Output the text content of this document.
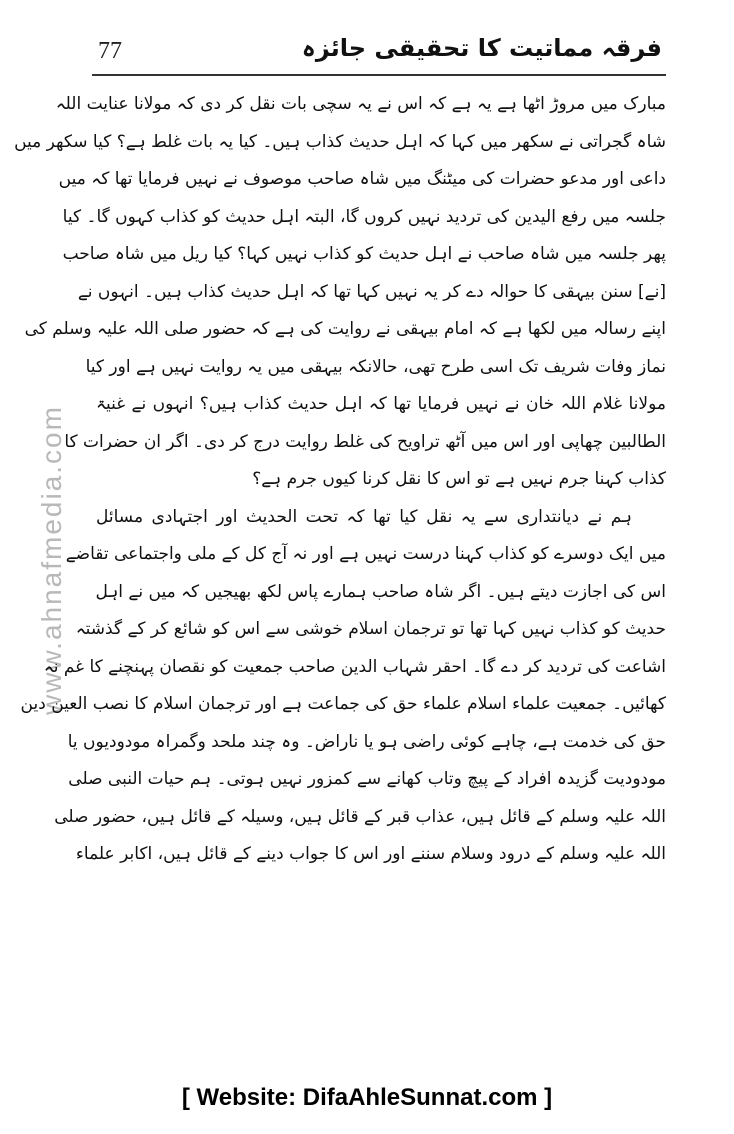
77	فرقہ مماتیت کا تحقیقی جائزہ
www.ahnafmedia.com
مبارک میں مروڑ اٹھا ہے یہ ہے کہ اس نے یہ سچی بات نقل کر دی کہ مولانا عنایت اللہ
شاہ گجراتی نے سکھر میں کہا کہ اہل حدیث کذاب ہیں۔ کیا یہ بات غلط ہے؟ کیا سکھر میں
داعی اور مدعو حضرات کی میٹنگ میں شاہ صاحب موصوف نے نہیں فرمایا تھا کہ میں
جلسہ میں رفع الیدین کی تردید نہیں کروں گا، البتہ اہل حدیث کو کذاب کہوں گا۔ کیا
پھر جلسہ میں شاہ صاحب نے اہل حدیث کو کذاب نہیں کہا؟ کیا ریل میں شاہ صاحب
[نے] سنن بیہقی کا حوالہ دے کر یہ نہیں کہا تھا کہ اہل حدیث کذاب ہیں۔ انہوں نے
اپنے رسالہ میں لکھا ہے کہ امام بیہقی نے روایت کی ہے کہ حضور صلی اللہ علیہ وسلم کی
نماز وفات شریف تک اسی طرح تھی، حالانکہ بیہقی میں یہ روایت نہیں ہے اور کیا
مولانا غلام اللہ خان نے نہیں فرمایا تھا کہ اہل حدیث کذاب ہیں؟ انہوں نے غنیۃ
الطالبین چھاپی اور اس میں آٹھ تراویح کی غلط روایت درج کر دی۔ اگر ان حضرات کا
کذاب کہنا جرم نہیں ہے تو اس کا نقل کرنا کیوں جرم ہے؟
ہم نے دیانتداری سے یہ نقل کیا تھا کہ تحت الحدیث اور اجتہادی مسائل
میں ایک دوسرے کو کذاب کہنا درست نہیں ہے اور نہ آج کل کے ملی واجتماعی تقاضے
اس کی اجازت دیتے ہیں۔ اگر شاہ صاحب ہمارے پاس لکھ بھیجیں کہ میں نے اہل
حدیث کو کذاب نہیں کہا تھا تو ترجمان اسلام خوشی سے اس کو شائع کر کے گذشتہ
اشاعت کی تردید کر دے گا۔ احقر شہاب الدین صاحب جمعیت کو نقصان پہنچنے کا غم نہ
کھائیں۔ جمعیت علماء اسلام علماء حق کی جماعت ہے اور ترجمان اسلام کا نصب العین دین
حق کی خدمت ہے، چاہے کوئی راضی ہو یا ناراض۔ وہ چند ملحد وگمراہ مودودیوں یا
مودودیت گزیدہ افراد کے پیچ وتاب کھانے سے کمزور نہیں ہوتی۔ ہم حیات النبی صلی
اللہ علیہ وسلم کے قائل ہیں، عذاب قبر کے قائل ہیں، وسیلہ کے قائل ہیں، حضور صلی
اللہ علیہ وسلم کے درود وسلام سننے اور اس کا جواب دینے کے قائل ہیں، اکابر علماء
[ Website: DifaAhleSunnat.com ]
